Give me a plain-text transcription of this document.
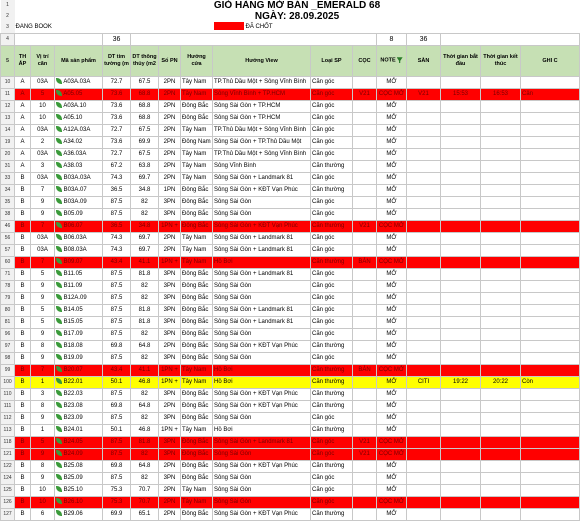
1	GIỎ HÀNG MỞ BÁN _EMERALD 68														
2	NGÀY: 28.09.2025														
3	ĐANG BOOK							ĐÃ CHỐT							
4				36							8	36			
5	TH ÁP	Vị trí căn	Mã sản phẩm	DT tim tường (m	DT thông thủy (m2	Số PN	Hướng cửa	Hướng View	Loại SP	CỌC	NOTE	SÀN	Thời gian bắt đầu	Thời gian kết thúc	GHI C
10	A	03A	A03A.03A	72.7	67.5	2PN	Tây Nam	TP.Thủ Dầu Một + Sông Vĩnh Bình	Căn góc		MỞ				
11	A	5	A05.05	73.6	68.8	2PN	Tây Nam	Sông Vĩnh Bình + TP.HCM	Căn góc	V21	CỌC MỞ	V21	15:53	16:53	Cân
12	A	10	A03A.10	73.6	68.8	2PN	Đông Bắc	Sông Sài Gòn + TP.HCM	Căn góc		MỞ				
13	A	10	A05.10	73.6	68.8	2PN	Đông Bắc	Sông Sài Gòn + TP.HCM	Căn góc		MỞ				
14	A	03A	A12A.03A	72.7	67.5	2PN	Tây Nam	TP.Thủ Dầu Một + Sông Vĩnh Bình	Căn góc		MỞ				
19	A	2	A34.02	73.6	69.9	2PN	Đông Nam	Sông Sài Gòn + TP.Thủ Dầu Một	Căn góc		MỞ				
20	A	03A	A36.03A	72.7	67.5	2PN	Tây Nam	TP.Thủ Dầu Một + Sông Vĩnh Bình	Căn góc		MỞ				
31	A	3	A38.03	67.2	63.8	2PN	Tây Nam	Sông Vĩnh Bình	Căn thường		MỞ				
33	B	03A	B03A.03A	74.3	69.7	2PN	Tây Nam	Sông Sài Gòn + Landmark 81	Căn góc		MỞ				
34	B	7	B03A.07	36.5	34.8	1PN	Đông Bắc	Sông Sài Gòn + KĐT Vạn Phúc	Căn thường		MỞ				
35	B	9	B03A.09	87.5	82	3PN	Đông Bắc	Sông Sài Gòn	Căn góc		MỞ				
38	B	9	B05.09	87.5	82	3PN	Đông Bắc	Sông Sài Gòn	Căn góc		MỞ				
46	B	7	B06.07	36.5	34.8	1PN +	Đông Bắc	Sông Sài Gòn + KĐT Vạn Phúc	Căn thường	V21	CỌC MỞ				
56	B	03A	B06.03A	74.3	69.7	2PN	Tây Nam	Sông Sài Gòn + Landmark 81	Căn góc		MỞ				
57	B	03A	B08.03A	74.3	69.7	2PN	Tây Nam	Sông Sài Gòn + Landmark 81	Căn góc		MỞ				
60	B	7	B09.07	43.4	41.1	1PN +	Tây Nam	Hồ Bơi	Căn thường	BẢN	CỌC MỞ				
71	B	5	B11.05	87.5	81.8	3PN	Đông Bắc	Sông Sài Gòn + Landmark 81	Căn góc		MỞ				
78	B	9	B11.09	87.5	82	3PN	Đông Bắc	Sông Sài Gòn	Căn góc		MỞ				
79	B	9	B12A.09	87.5	82	3PN	Đông Bắc	Sông Sài Gòn	Căn góc		MỞ				
80	B	5	B14.05	87.5	81.8	3PN	Đông Bắc	Sông Sài Gòn + Landmark 81	Căn góc		MỞ				
81	B	5	B15.05	87.5	81.8	3PN	Đông Bắc	Sông Sài Gòn + Landmark 81	Căn góc		MỞ				
96	B	9	B17.09	87.5	82	3PN	Đông Bắc	Sông Sài Gòn	Căn góc		MỞ				
97	B	8	B18.08	69.8	64.8	2PN	Đông Bắc	Sông Sài Gòn + KĐT Vạn Phúc	Căn thường		MỞ				
98	B	9	B19.09	87.5	82	3PN	Đông Bắc	Sông Sài Gòn	Căn góc		MỞ				
99	B	7	B20.07	43.4	41.1	1PN +	Tây Nam	Hồ Bơi	Căn thường	BẢN	CỌC MỞ				
100	B	1	B22.01	50.1	46.8	1PN +	Tây Nam	Hồ Bơi	Căn thường		MỞ	CITI	19:22	20:22	Còn
110	B	3	B22.03	87.5	82	3PN	Đông Bắc	Sông Sài Gòn + KĐT Vạn Phúc	Căn thường		MỞ				
111	B	8	B23.08	69.8	64.8	2PN	Đông Bắc	Sông Sài Gòn + KĐT Vạn Phúc	Căn thường		MỞ				
112	B	9	B23.09	87.5	82	3PN	Đông Bắc	Sông Sài Gòn	Căn góc		MỞ				
113	B	1	B24.01	50.1	46.8	1PN +	Tây Nam	Hồ Bơi	Căn thường		MỞ				
118	B	5	B24.05	87.5	81.8	3PN	Đông Bắc	Sông Sài Gòn + Landmark 81	Căn góc	V21	CỌC MỞ				
121	B	9	B24.09	87.5	82	3PN	Đông Bắc	Sông Sài Gòn	Căn góc	V21	CỌC MỞ				
122	B	8	B25.08	69.8	64.8	2PN	Đông Bắc	Sông Sài Gòn + KĐT Vạn Phúc	Căn thường		MỞ				
124	B	9	B25.09	87.5	82	3PN	Đông Bắc	Sông Sài Gòn	Căn góc		MỞ				
125	B	10	B25.10	75.3	70.7	2PN	Tây Nam	Sông Sài Gòn	Căn góc		MỞ				
126	B	10	B26.10	75.3	70.7	2PN	Tây Nam	Sông Sài Gòn	Căn góc		CỌC MỞ				
127	B	6	B29.06	69.9	65.1	2PN	Đông Bắc	Sông Sài Gòn + KĐT Vạn Phúc	Căn thường		MỞ				
